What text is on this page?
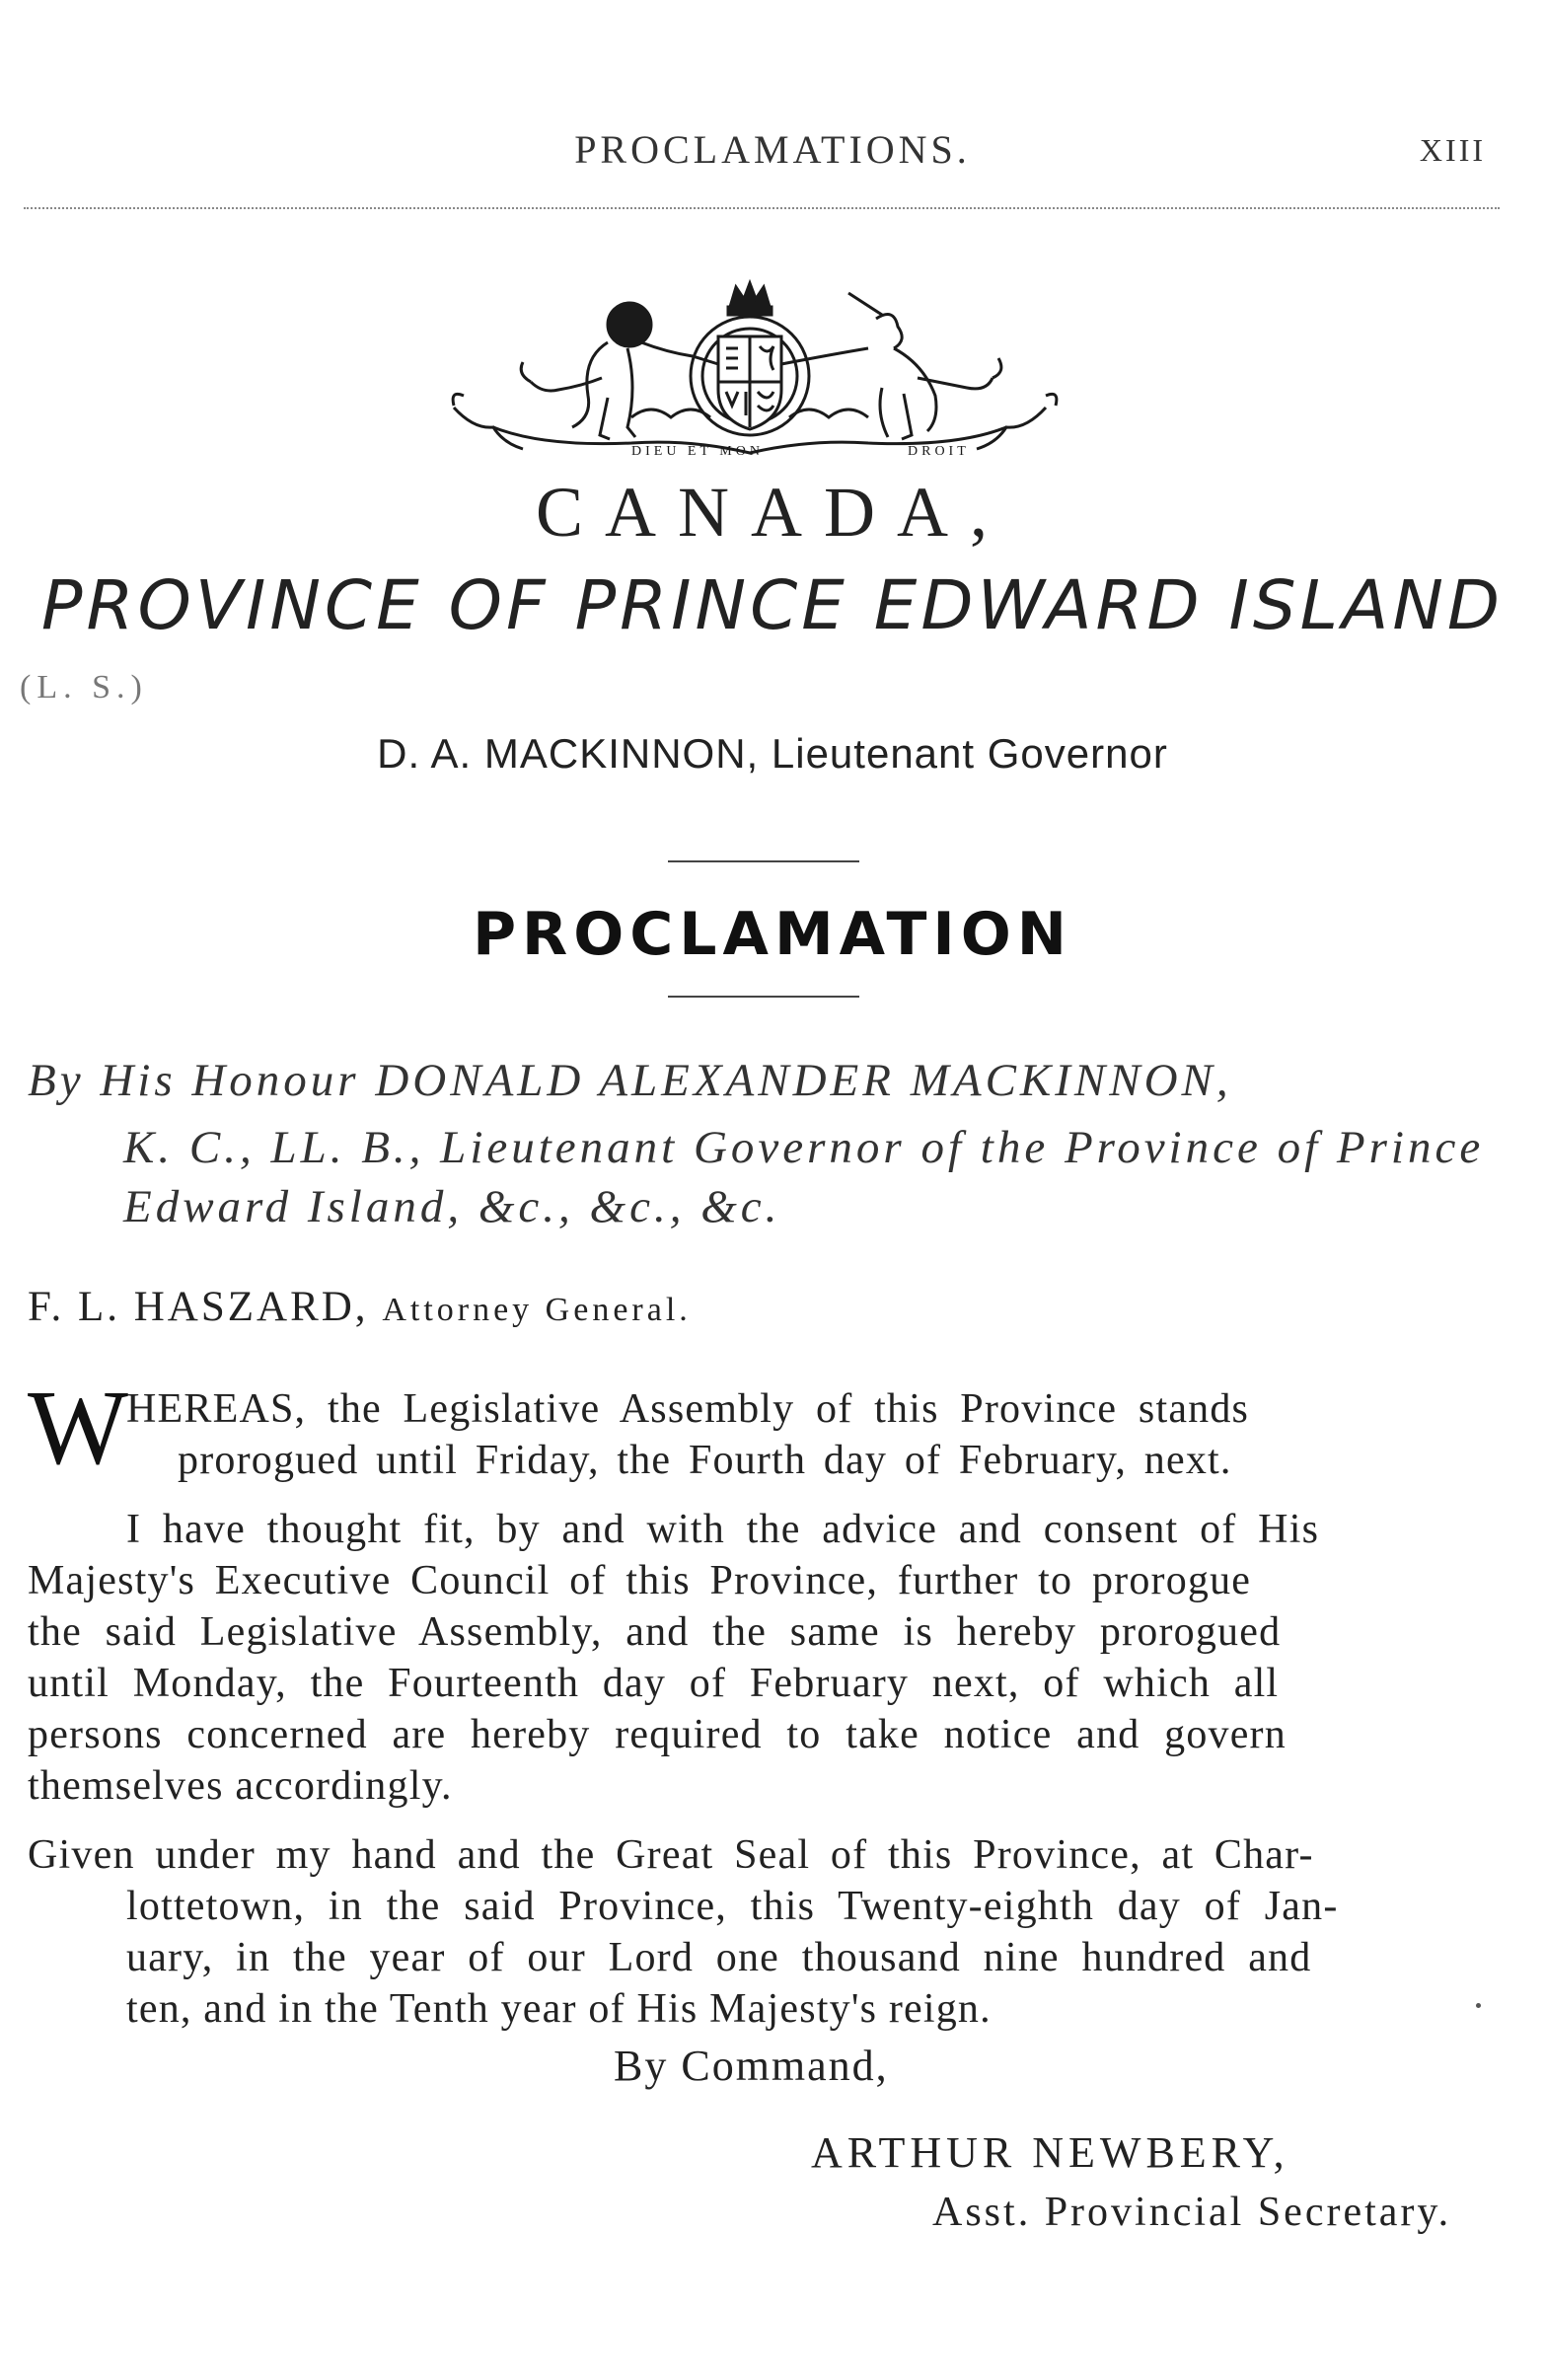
PROCLAMATIONS.	XIII
DIEU ET MON	DROIT
CANADA,
PROVINCE OF PRINCE EDWARD ISLAND
(L. S.)
D. A. MACKINNON, Lieutenant Governor
PROCLAMATION
By His Honour DONALD ALEXANDER MACKINNON,
K. C., LL. B., Lieutenant Governor of the Province of Prince
Edward Island, &c., &c., &c.
F. L. HASZARD, Attorney General.
W
HEREAS, the Legislative Assembly of this Province stands
prorogued until Friday, the Fourth day of February, next.
I have thought fit, by and with the advice and consent of His
Majesty's Executive Council of this Province, further to prorogue
the said Legislative Assembly, and the same is hereby prorogued
until Monday, the Fourteenth day of February next, of which all
persons concerned are hereby required to take notice and govern
themselves accordingly.
Given under my hand and the Great Seal of this Province, at Char-
lottetown, in the said Province, this Twenty-eighth day of Jan-
uary, in the year of our Lord one thousand nine hundred and
ten, and in the Tenth year of His Majesty's reign.
By Command,
ARTHUR NEWBERY,
Asst. Provincial Secretary.
